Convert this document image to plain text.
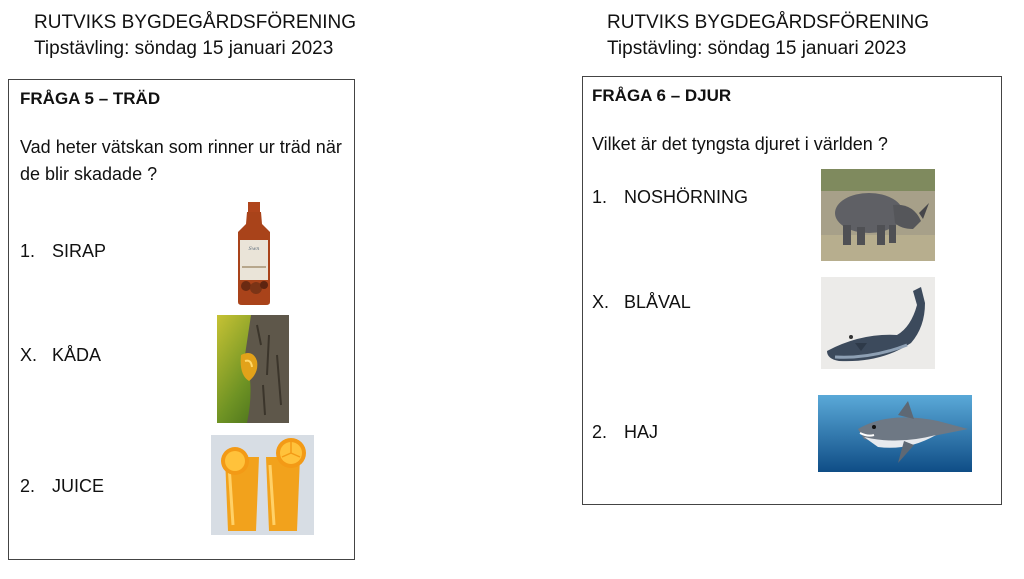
RUTVIKS BYGDEGÅRDSFÖRENING
Tipstävling: söndag 15 januari 2023
FRÅGA 5 – TRÄD
Vad heter vätskan som rinner ur träd när de blir skadade ?
1. SIRAP	Swn
X. KÅDA
2. JUICE
RUTVIKS BYGDEGÅRDSFÖRENING
Tipstävling: söndag 15 januari 2023
FRÅGA 6 – DJUR
Vilket är det tyngsta djuret i världen ?
1. NOSHÖRNING
X. BLÅVAL
2. HAJ
